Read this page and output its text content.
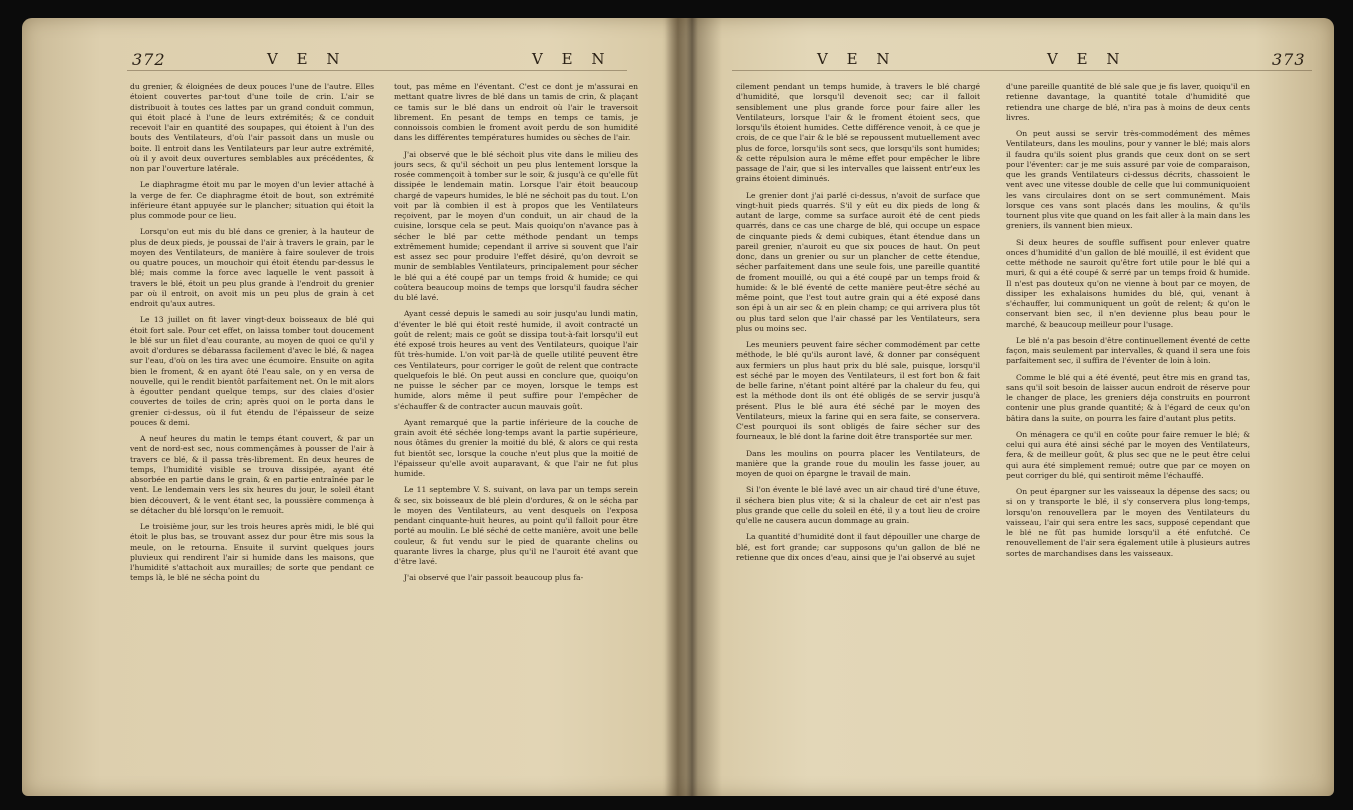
372	V E N	V E N

du grenier, & éloignées de deux pouces l'une de l'autre. Elles étoient couvertes par-tout d'une toile de crin. L'air se distribuoit à toutes ces lattes par un grand conduit commun, qui étoit placé à l'une de leurs extrémités; & ce conduit recevoit l'air en quantité des soupapes, qui étoient à l'un des bouts des Ventilateurs, d'où l'air passoit dans un musle ou boite. Il entroit dans les Ventilateurs par leur autre extrémité, où il y avoit deux ouvertures semblables aux précédentes, & non par l'ouverture latérale.

Le diaphragme étoit mu par le moyen d'un levier attaché à la verge de fer. Ce diaphragme étoit de bout, son extrémité inférieure étant appuyée sur le plancher; situation qui étoit la plus commode pour ce lieu.

Lorsqu'on eut mis du blé dans ce grenier, à la hauteur de plus de deux pieds, je poussai de l'air à travers le grain, par le moyen des Ventilateurs, de manière à faire soulever de trois ou quatre pouces, un mouchoir qui étoit étendu par-dessus le blé; mais comme la force avec laquelle le vent passoit à travers le blé, étoit un peu plus grande à l'endroit du grenier par où il entroit, on avoit mis un peu plus de grain à cet endroit qu'aux autres.

Le 13 juillet on fit laver vingt-deux boisseaux de blé qui étoit fort sale. Pour cet effet, on laissa tomber tout doucement le blé sur un filet d'eau courante, au moyen de quoi ce qu'il y avoit d'ordures se débarassa facilement d'avec le blé, & nagea sur l'eau, d'où on les tira avec une écumoire. Ensuite on agita bien le froment, & en ayant ôté l'eau sale, on y en versa de nouvelle, qui le rendit bientôt parfaitement net. On le mit alors à égoutter pendant quelque temps, sur des claies d'osier couvertes de toiles de crin; après quoi on le porta dans le grenier ci-dessus, où il fut étendu de l'épaisseur de seize pouces & demi.

A neuf heures du matin le temps étant couvert, & par un vent de nord-est sec, nous commençâmes à pousser de l'air à travers ce blé, & il passa très-librement. En deux heures de temps, l'humidité visible se trouva dissipée, ayant été absorbée en partie dans le grain, & en partie entraînée par le vent. Le lendemain vers les six heures du jour, le soleil étant bien découvert, & le vent étant sec, la poussière commença à se détacher du blé lorsqu'on le remuoit.

Le troisième jour, sur les trois heures après midi, le blé qui étoit le plus bas, se trouvant assez dur pour être mis sous la meule, on le retourna. Ensuite il survint quelques jours pluvieux qui rendirent l'air si humide dans les maisons, que l'humidité s'attachoit aux murailles; de sorte que pendant ce temps là, le blé ne sécha point du

tout, pas même en l'éventant. C'est ce dont je m'assurai en mettant quatre livres de blé dans un tamis de crin, & plaçant ce tamis sur le blé dans un endroit où l'air le traversoit librement. En pesant de temps en temps ce tamis, je connoissois combien le froment avoit perdu de son humidité dans les différentes températures humides ou sèches de l'air.

J'ai observé que le blé séchoit plus vite dans le milieu des jours secs, & qu'il séchoit un peu plus lentement lorsque la rosée commençoit à tomber sur le soir, & jusqu'à ce qu'elle fût dissipée le lendemain matin. Lorsque l'air étoit beaucoup chargé de vapeurs humides, le blé ne séchoit pas du tout. L'on voit par là combien il est à propos que les Ventilateurs reçoivent, par le moyen d'un conduit, un air chaud de la cuisine, lorsque cela se peut. Mais quoiqu'on n'avance pas à sécher le blé par cette méthode pendant un temps extrêmement humide; cependant il arrive si souvent que l'air est assez sec pour produire l'effet désiré, qu'on devroit se munir de semblables Ventilateurs, principalement pour sécher le blé qui a été coupé par un temps froid & humide; ce qui coûtera beaucoup moins de temps que lorsqu'il faudra sécher du blé lavé.

Ayant cessé depuis le samedi au soir jusqu'au lundi matin, d'éventer le blé qui étoit resté humide, il avoit contracté un goût de relent; mais ce goût se dissipa tout-à-fait lorsqu'il eut été exposé trois heures au vent des Ventilateurs, quoique l'air fût très-humide. L'on voit par-là de quelle utilité peuvent être ces Ventilateurs, pour corriger le goût de relent que contracte quelquefois le blé. On peut aussi en conclure que, quoiqu'on ne puisse le sécher par ce moyen, lorsque le temps est humide, alors même il peut suffire pour l'empêcher de s'échauffer & de contracter aucun mauvais goût.

Ayant remarqué que la partie inférieure de la couche de grain avoit été séchée long-temps avant la partie supérieure, nous ôtâmes du grenier la moitié du blé, & alors ce qui resta fut bientôt sec, lorsque la couche n'eut plus que la moitié de l'épaisseur qu'elle avoit auparavant, & que l'air ne fut plus humide.

Le 11 septembre V. S. suivant, on lava par un temps serein & sec, six boisseaux de blé plein d'ordures, & on le sécha par le moyen des Ventilateurs, au vent desquels on l'exposa pendant cinquante-huit heures, au point qu'il falloit pour être porté au moulin. Le blé séché de cette manière, avoit une belle couleur, & fut vendu sur le pied de quarante chelins ou quarante livres la charge, plus qu'il ne l'auroit été avant que d'être lavé.

J'ai observé que l'air passoit beaucoup plus fa-

V E N	V E N	373

cilement pendant un temps humide, à travers le blé chargé d'humidité, que lorsqu'il devenoit sec; car il falloit sensiblement une plus grande force pour faire aller les Ventilateurs, lorsque l'air & le froment étoient secs, que lorsqu'ils étoient humides. Cette différence venoit, à ce que je crois, de ce que l'air & le blé se repoussent mutuellement avec plus de force, lorsqu'ils sont secs, que lorsqu'ils sont humides; & cette répulsion aura le même effet pour empêcher le libre passage de l'air, que si les intervalles que laissent entr'eux les grains étoient diminués.

Le grenier dont j'ai parlé ci-dessus, n'avoit de surface que vingt-huit pieds quarrés. S'il y eût eu dix pieds de long & autant de large, comme sa surface auroit été de cent pieds quarrés, dans ce cas une charge de blé, qui occupe un espace de cinquante pieds & demi cubiques, étant étendue dans un pareil grenier, n'auroit eu que six pouces de haut. On peut donc, dans un grenier ou sur un plancher de cette étendue, sécher parfaitement dans une seule fois, une pareille quantité de froment mouillé, ou qui a été coupé par un temps froid & humide: & le blé éventé de cette manière peut-être séché au même point, que l'est tout autre grain qui a été exposé dans son épi à un air sec & en plein champ; ce qui arrivera plus tôt ou plus tard selon que l'air chassé par les Ventilateurs, sera plus ou moins sec.

Les meuniers peuvent faire sécher commodément par cette méthode, le blé qu'ils auront lavé, & donner par conséquent aux fermiers un plus haut prix du blé sale, puisque, lorsqu'il est séché par le moyen des Ventilateurs, il est fort bon & fait de belle farine, n'étant point altéré par la chaleur du feu, qui est la méthode dont ils ont été obligés de se servir jusqu'à présent. Plus le blé aura été séché par le moyen des Ventilateurs, mieux la farine qui en sera faite, se conservera. C'est pourquoi ils sont obligés de faire sécher sur des fourneaux, le blé dont la farine doit être transportée sur mer.

Dans les moulins on pourra placer les Ventilateurs, de manière que la grande roue du moulin les fasse jouer, au moyen de quoi on épargne le travail de main.

Si l'on évente le blé lavé avec un air chaud tiré d'une étuve, il séchera bien plus vite; & si la chaleur de cet air n'est pas plus grande que celle du soleil en été, il y a tout lieu de croire qu'elle ne causera aucun dommage au grain.

La quantité d'humidité dont il faut dépouiller une charge de blé, est fort grande; car supposons qu'un gallon de blé ne retienne que dix onces d'eau, ainsi que je l'ai observé au sujet

d'une pareille quantité de blé sale que je fis laver, quoiqu'il en retienne davantage, la quantité totale d'humidité que retiendra une charge de blé, n'ira pas à moins de deux cents livres.

On peut aussi se servir très-commodément des mêmes Ventilateurs, dans les moulins, pour y vanner le blé; mais alors il faudra qu'ils soient plus grands que ceux dont on se sert pour l'éventer: car je me suis assuré par voie de comparaison, que les grands Ventilateurs ci-dessus décrits, chassoient le vent avec une vitesse double de celle que lui communiquoient les vans circulaires dont on se sert communément. Mais lorsque ces vans sont placés dans les moulins, & qu'ils tournent plus vite que quand on les fait aller à la main dans les greniers, ils vannent bien mieux.

Si deux heures de souffle suffisent pour enlever quatre onces d'humidité d'un gallon de blé mouillé, il est évident que cette méthode ne sauroit qu'être fort utile pour le blé qui a muri, & qui a été coupé & serré par un temps froid & humide. Il n'est pas douteux qu'on ne vienne à bout par ce moyen, de dissiper les exhalaisons humides du blé, qui, venant à s'échauffer, lui communiquent un goût de relent; & qu'on le conservant bien sec, il n'en devienne plus beau pour le marché, & beaucoup meilleur pour l'usage.

Le blé n'a pas besoin d'être continuellement éventé de cette façon, mais seulement par intervalles, & quand il sera une fois parfaitement sec, il suffira de l'éventer de loin à loin.

Comme le blé qui a été éventé, peut être mis en grand tas, sans qu'il soit besoin de laisser aucun endroit de réserve pour le changer de place, les greniers déja construits en pourront contenir une plus grande quantité; & à l'égard de ceux qu'on bâtira dans la suite, on pourra les faire d'autant plus petits.

On ménagera ce qu'il en coûte pour faire remuer le blé; & celui qui aura été ainsi séché par le moyen des Ventilateurs, fera, & de meilleur goût, & plus sec que ne le peut être celui qui aura été simplement remué; outre que par ce moyen on peut corriger du blé, qui sentiroit même l'échauffé.

On peut épargner sur les vaisseaux la dépense des sacs; ou si on y transporte le blé, il s'y conservera plus long-temps, lorsqu'on renouvellera par le moyen des Ventilateurs du vaisseau, l'air qui sera entre les sacs, supposé cependant que le blé ne fût pas humide lorsqu'il a été enfutché. Ce renouvellement de l'air sera également utile à plusieurs autres sortes de marchandises dans les vaisseaux.
